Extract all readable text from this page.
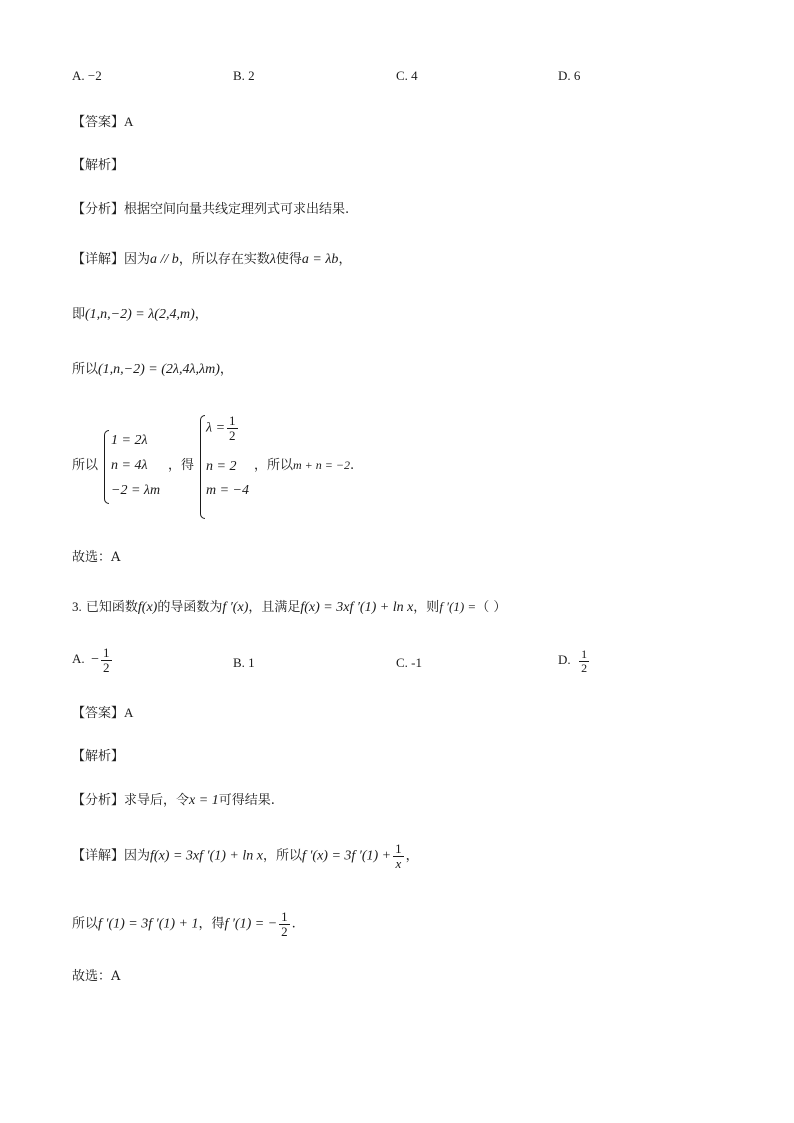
A. −2	B. 2	C. 4	D. 6
【答案】A
【解析】
【分析】根据空间向量共线定理列式可求出结果.
【详解】因为a // b，所以存在实数λ使得a = λb，
即(1,n,−2) = λ(2,4,m)，
所以(1,n,−2) = (2λ,4λ,λm)，
所以
1 = 2λ
n = 4λ
−2 = λm
，得
$\lambda = \frac{1}{2}$
n = 2
m = −4
，所以m + n = −2.
故选：A
3. 已知函数f(x)的导函数为f ′(x)，且满足f(x) = 3xf ′(1) + ln x，则f ′(1) =（ ）
A. − $\frac{1}{2}$	B. 1	C. -1	D. $\frac{1}{2}$
【答案】A
【解析】
【分析】求导后，令x = 1可得结果.
【详解】因为f(x) = 3xf ′(1) + ln x，所以f ′(x) = 3f $'(1) + \frac{1}{x}$ ，
所以f ′(1) = 3f ′(1) + 1，得f ′(1) = − $\frac{1}{2}$ .
故选：A
